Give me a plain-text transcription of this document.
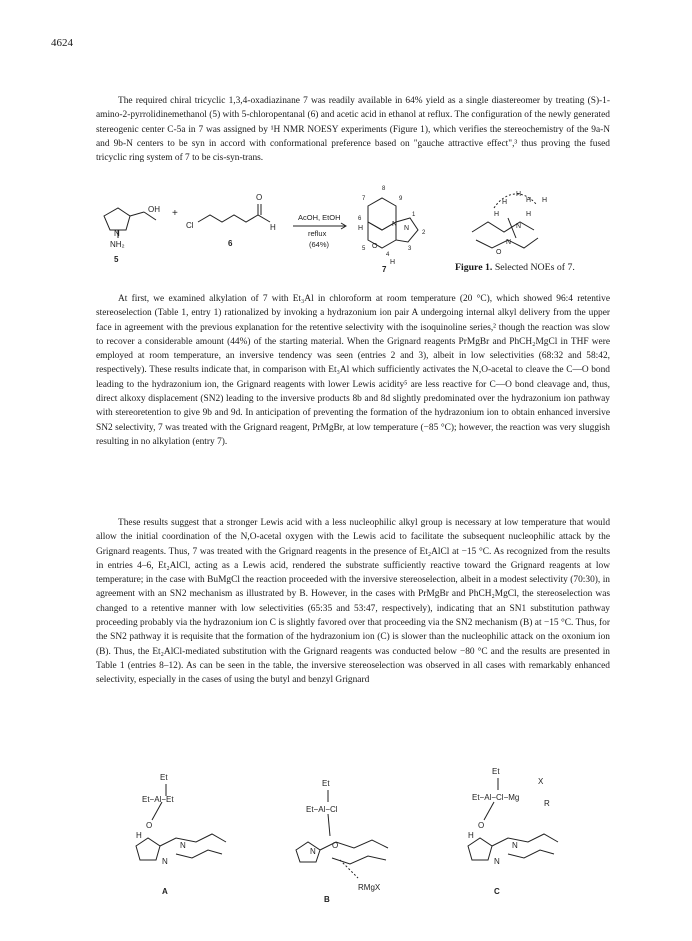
4624

The required chiral tricyclic 1,3,4-oxadiazinane 7 was readily available in 64% yield as a single diastereomer by treating (S)-1-amino-2-pyrrolidinemethanol (5) with 5-chloropentanal (6) and acetic acid in ethanol at reflux. The configuration of the newly generated stereogenic center C-5a in 7 was assigned by ¹H NMR NOESY experiments (Figure 1), which verifies the stereochemistry of the 9a-N and 9b-N centers to be syn in accord with conformational preference based on "gauche attractive effect",³ thus proving the fused tricyclic ring system of 7 to be cis-syn-trans.

OH
N
NH₂
5
+
Cl
O
H
6
AcOH, EtOH
reflux
(64%)
8
7	9
6
1
2
5
4
3
H
H
N
N
O
7
H
H
H H
H	H
N
N
O
Figure 1. Selected NOEs of 7.

At first, we examined alkylation of 7 with Et₃Al in chloroform at room temperature (20 °C), which showed 96:4 retentive stereoselection (Table 1, entry 1) rationalized by invoking a hydrazonium ion pair A undergoing internal alkyl delivery from the upper face in agreement with the previous explanation for the retentive selectivity with the isoquinoline series,² though the reaction was slow to recover a considerable amount (44%) of the starting material. When the Grignard reagents PrMgBr and PhCH₂MgCl in THF were employed at room temperature, an inversive tendency was seen (entries 2 and 3), albeit in low selectivities (68:32 and 58:42, respectively). These results indicate that, in comparison with Et₃Al which sufficiently activates the N,O-acetal to cleave the C—O bond leading to the hydrazonium ion, the Grignard reagents with lower Lewis acidity⁵ are less reactive for C—O bond cleavage and, thus, direct alkoxy displacement (SN2) leading to the inversive products 8b and 8d slightly predominated over the hydrazonium ion pathway with stereoretention to give 9b and 9d. In anticipation of preventing the formation of the hydrazonium ion to obtain enhanced inversive SN2 selectivity, 7 was treated with the Grignard reagent, PrMgBr, at low temperature (−85 °C); however, the reaction was very sluggish resulting in no alkylation (entry 7).

These results suggest that a stronger Lewis acid with a less nucleophilic alkyl group is necessary at low temperature that would allow the initial coordination of the N,O-acetal oxygen with the Lewis acid to facilitate the subsequent nucleophilic attack by the Grignard reagents. Thus, 7 was treated with the Grignard reagents in the presence of Et₂AlCl at −15 °C. As recognized from the results in entries 4–6, Et₂AlCl, acting as a Lewis acid, rendered the substrate sufficiently reactive toward the Grignard reagents at low temperature; in the case with BuMgCl the reaction proceeded with the inversive stereoselection, albeit in a modest selectivity (70:30), in agreement with an SN2 mechanism as illustrated by B. However, in the cases with PrMgBr and PhCH₂MgCl, the stereoselection was changed to a retentive manner with low selectivities (65:35 and 53:47, respectively), indicating that an SN1 substitution pathway proceeding probably via the hydrazonium ion C is slightly favored over that proceeding via the SN2 mechanism (B) at −15 °C. Thus, for the SN2 pathway it is requisite that the formation of the hydrazonium ion (C) is slower than the nucleophilic attack on the oxonium ion (B). Thus, the Et₂AlCl-mediated substitution with the Grignard reagents was conducted below −80 °C and the results are presented in Table 1 (entries 8–12). As can be seen in the table, the inversive stereoselection was observed in all cases with remarkably enhanced selectivity, especially in the cases of using the butyl and benzyl Grignard

Et
Et−Al−Et
O
H
N
N
A
Et
Et−Al−Cl
O
N
RMgX
B
Et
Et−Al−Cl−Mg
X
R
O
H
N
N
C
